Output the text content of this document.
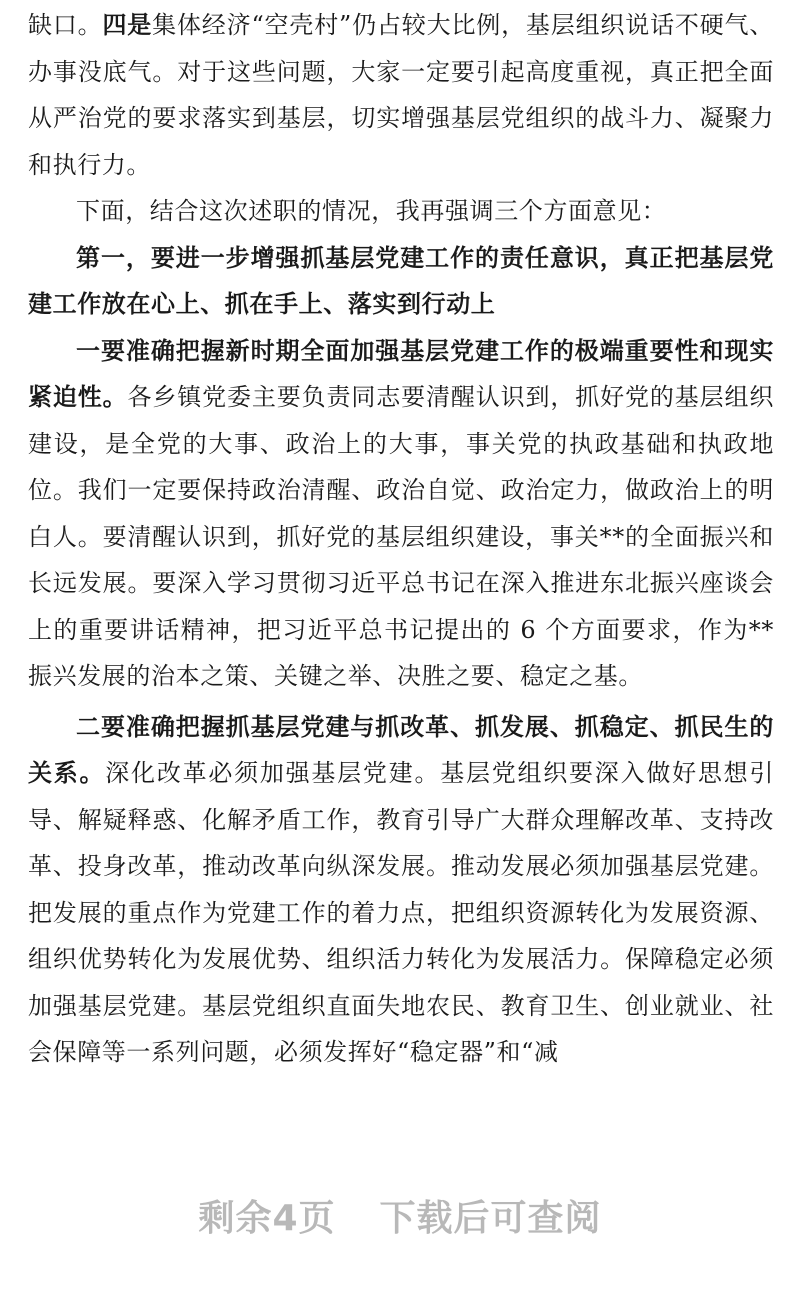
缺口。四是集体经济“空壳村”仍占较大比例，基层组织说话不硬气、办事没底气。对于这些问题，大家一定要引起高度重视，真正把全面从严治党的要求落实到基层，切实增强基层党组织的战斗力、凝聚力和执行力。

下面，结合这次述职的情况，我再强调三个方面意见：

第一，要进一步增强抓基层党建工作的责任意识，真正把基层党建工作放在心上、抓在手上、落实到行动上

一要准确把握新时期全面加强基层党建工作的极端重要性和现实紧迫性。各乡镇党委主要负责同志要清醒认识到，抓好党的基层组织建设，是全党的大事、政治上的大事，事关党的执政基础和执政地位。我们一定要保持政治清醒、政治自觉、政治定力，做政治上的明白人。要清醒认识到，抓好党的基层组织建设，事关**的全面振兴和长远发展。要深入学习贯彻习近平总书记在深入推进东北振兴座谈会上的重要讲话精神，把习近平总书记提出的 6 个方面要求，作为**振兴发展的治本之策、关键之举、决胜之要、稳定之基。

二要准确把握抓基层党建与抓改革、抓发展、抓稳定、抓民生的关系。深化改革必须加强基层党建。基层党组织要深入做好思想引导、解疑释惑、化解矛盾工作，教育引导广大群众理解改革、支持改革、投身改革，推动改革向纵深发展。推动发展必须加强基层党建。把发展的重点作为党建工作的着力点，把组织资源转化为发展资源、组织优势转化为发展优势、组织活力转化为发展活力。保障稳定必须加强基层党建。基层党组织直面失地农民、教育卫生、创业就业、社会保障等一系列问题，必须发挥好“稳定器”和“减

剩余4页 下载后可查阅
